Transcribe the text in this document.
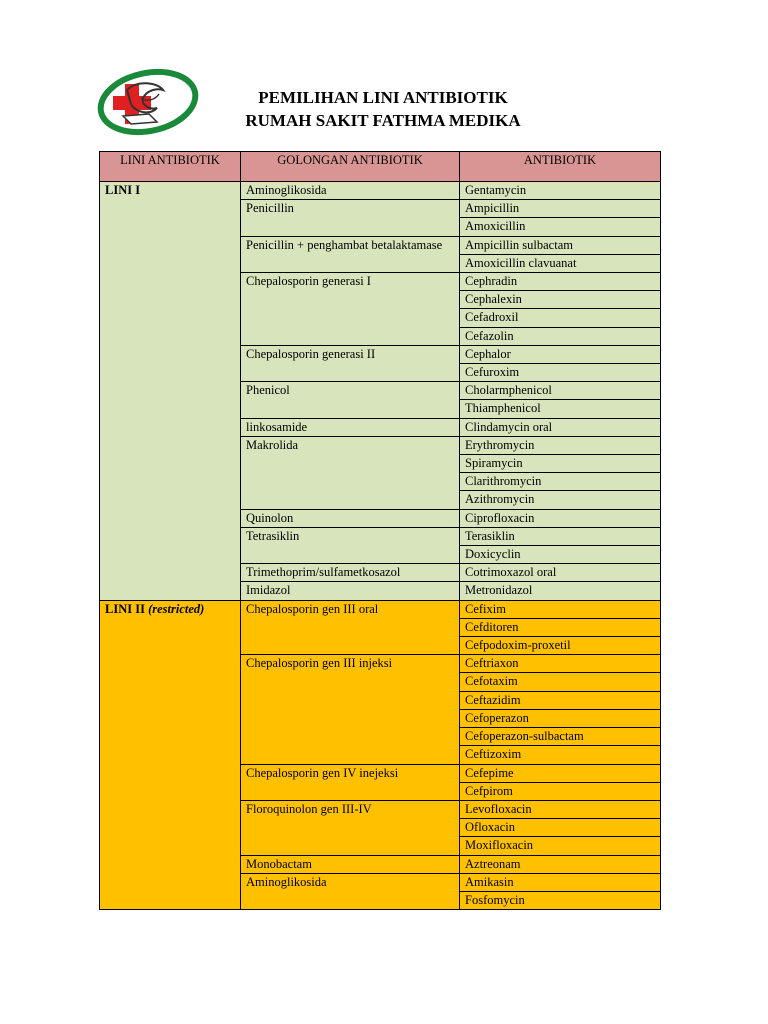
PEMILIHAN LINI ANTIBIOTIK
RUMAH SAKIT FATHMA MEDIKA
LINI ANTIBIOTIK	GOLONGAN ANTIBIOTIK	ANTIBIOTIK
LINI I	Aminoglikosida	Gentamycin
	Penicillin	Ampicillin
		Amoxicillin
	Penicillin + penghambat betalaktamase	Ampicillin sulbactam
		Amoxicillin clavuanat
	Chepalosporin generasi I	Cephradin
		Cephalexin
		Cefadroxil
		Cefazolin
	Chepalosporin generasi II	Cephalor
		Cefuroxim
	Phenicol	Cholarmphenicol
		Thiamphenicol
	linkosamide	Clindamycin oral
	Makrolida	Erythromycin
		Spiramycin
		Clarithromycin
		Azithromycin
	Quinolon	Ciprofloxacin
	Tetrasiklin	Terasiklin
		Doxicyclin
	Trimethoprim/sulfametkosazol	Cotrimoxazol oral
	Imidazol	Metronidazol
LINI II (restricted)	Chepalosporin gen III oral	Cefixim
		Cefditoren
		Cefpodoxim-proxetil
	Chepalosporin gen III injeksi	Ceftriaxon
		Cefotaxim
		Ceftazidim
		Cefoperazon
		Cefoperazon-sulbactam
		Ceftizoxim
	Chepalosporin gen IV inejeksi	Cefepime
		Cefpirom
	Floroquinolon gen III-IV	Levofloxacin
		Ofloxacin
		Moxifloxacin
	Monobactam	Aztreonam
	Aminoglikosida	Amikasin
		Fosfomycin
